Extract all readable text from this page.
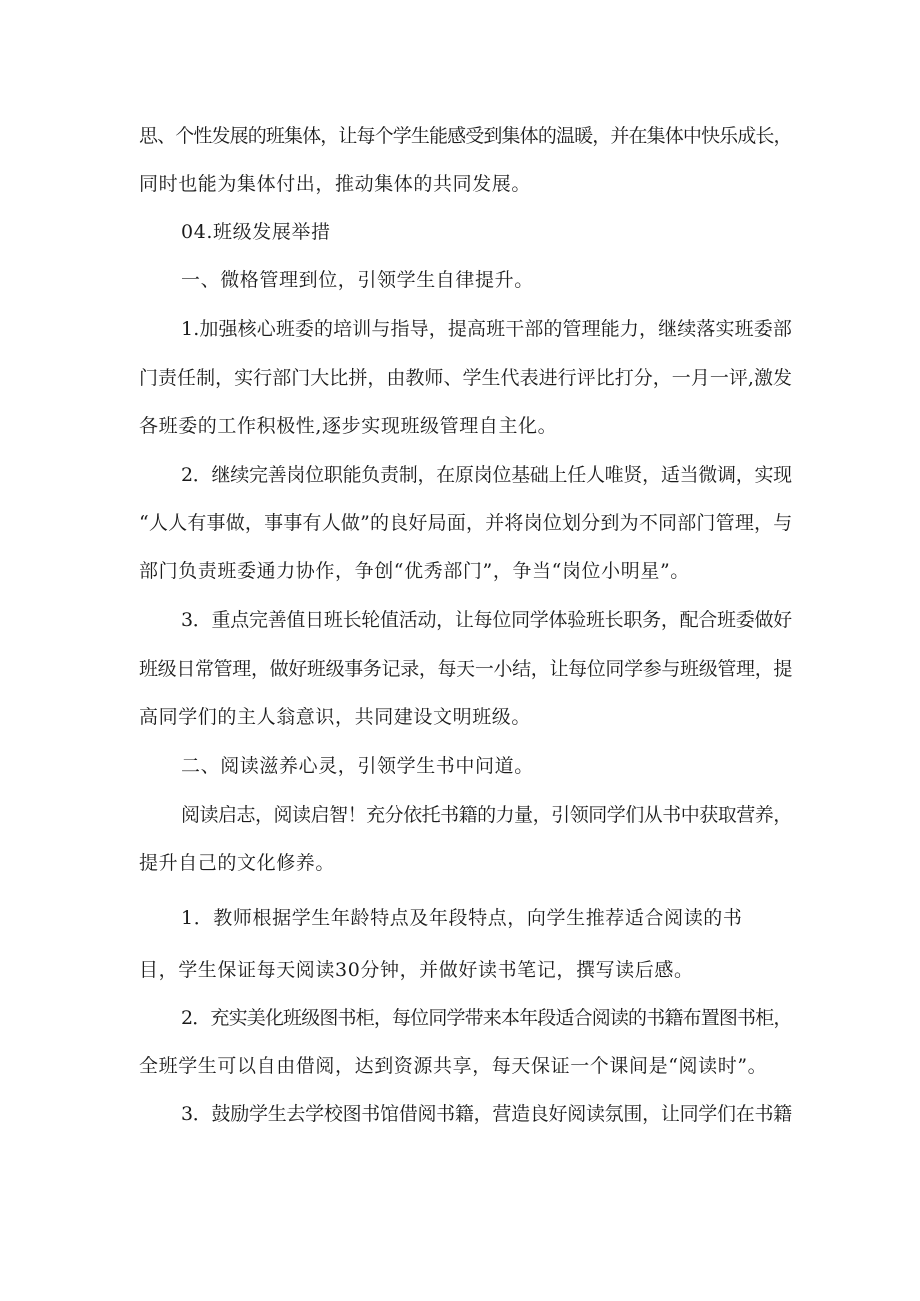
思、个性发展的班集体，让每个学生能感受到集体的温暖，并在集体中快乐成长，
同时也能为集体付出，推动集体的共同发展。
04.班级发展举措
一、微格管理到位，引领学生自律提升。
1.加强核心班委的培训与指导，提高班干部的管理能力，继续落实班委部
门责任制，实行部门大比拼，由教师、学生代表进行评比打分，一月一评,激发
各班委的工作积极性,逐步实现班级管理自主化。
2．继续完善岗位职能负责制，在原岗位基础上任人唯贤，适当微调，实现
“人人有事做，事事有人做”的良好局面，并将岗位划分到为不同部门管理，与
部门负责班委通力协作，争创“优秀部门”，争当“岗位小明星”。
3．重点完善值日班长轮值活动，让每位同学体验班长职务，配合班委做好
班级日常管理，做好班级事务记录，每天一小结，让每位同学参与班级管理，提
高同学们的主人翁意识，共同建设文明班级。
二、阅读滋养心灵，引领学生书中问道。
阅读启志，阅读启智！充分依托书籍的力量，引领同学们从书中获取营养，
提升自己的文化修养。
1．教师根据学生年龄特点及年段特点，向学生推荐适合阅读的书
目，学生保证每天阅读30分钟，并做好读书笔记，撰写读后感。
2．充实美化班级图书柜，每位同学带来本年段适合阅读的书籍布置图书柜，
全班学生可以自由借阅，达到资源共享，每天保证一个课间是“阅读时”。
3．鼓励学生去学校图书馆借阅书籍，营造良好阅读氛围，让同学们在书籍
